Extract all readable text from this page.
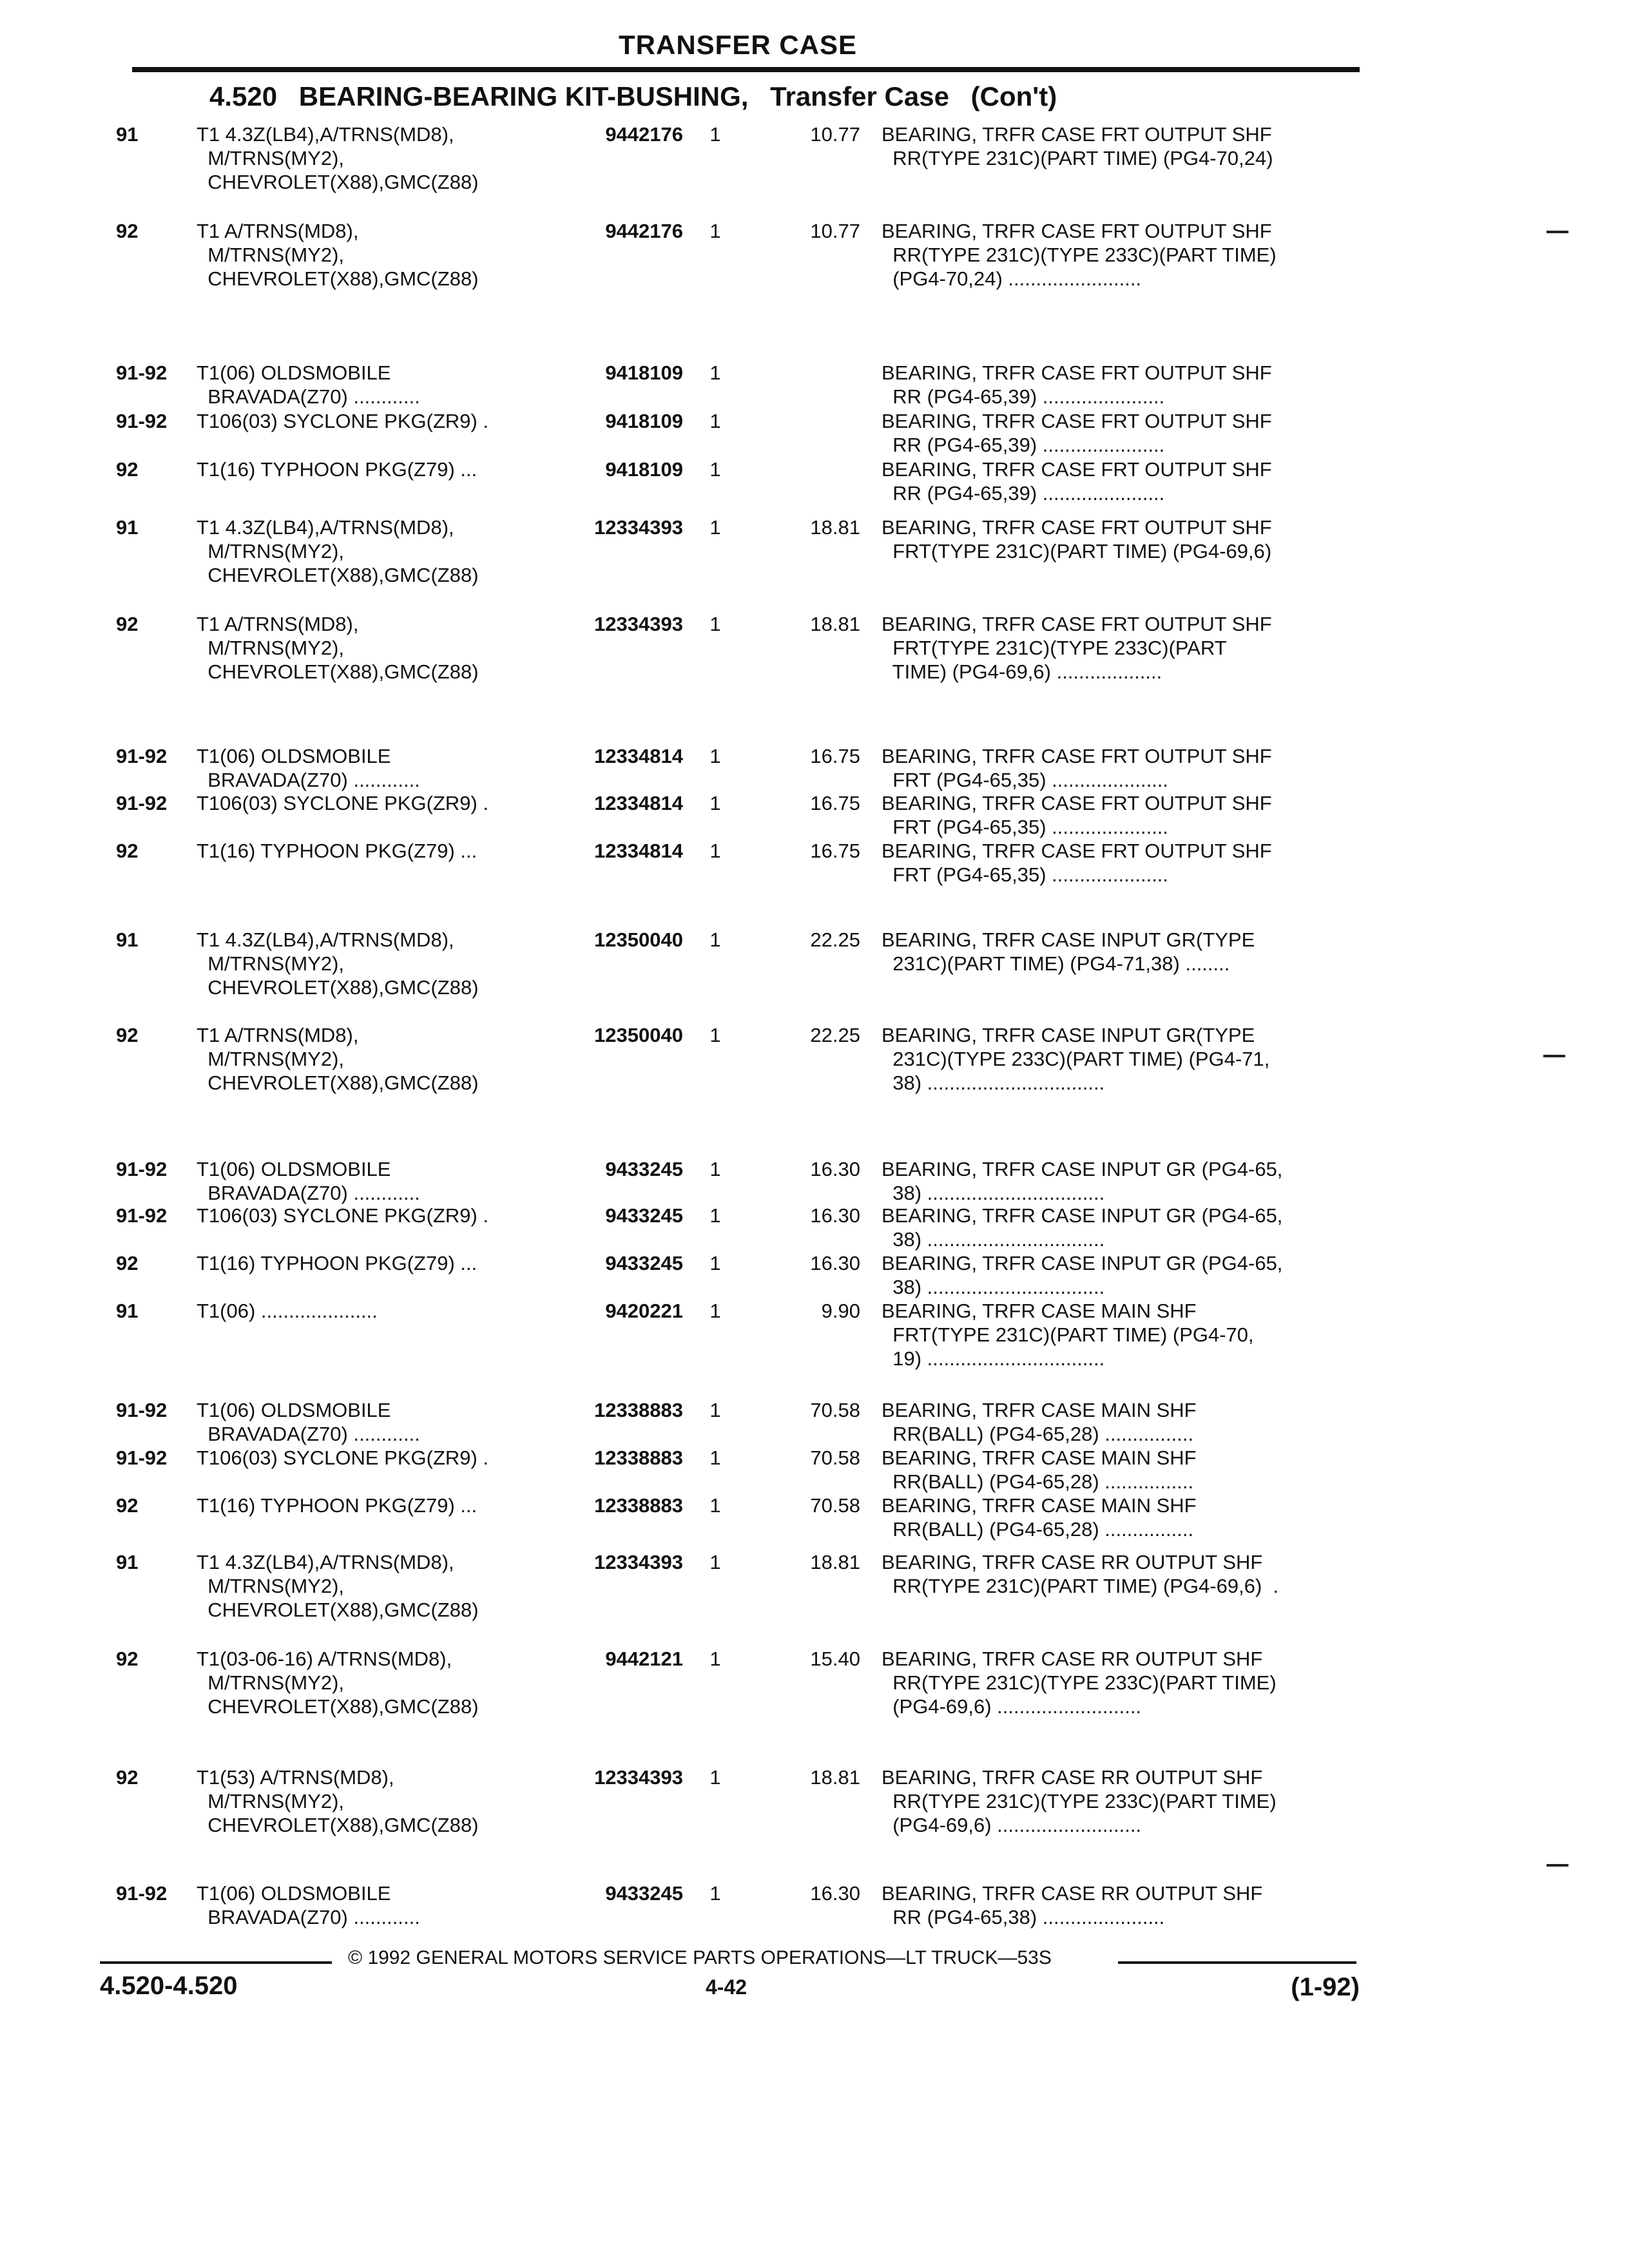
TRANSFER CASE
4.520 BEARING-BEARING KIT-BUSHING, Transfer Case (Con't)
91	T1 4.3Z(LB4),A/TRNS(MD8),
M/TRNS(MY2),
CHEVROLET(X88),GMC(Z88)
9442176	1	10.77 BEARING, TRFR CASE FRT OUTPUT SHF
RR(TYPE 231C)(PART TIME) (PG4-70,24)
92	T1 A/TRNS(MD8),
M/TRNS(MY2),
CHEVROLET(X88),GMC(Z88)
9442176	1	10.77 BEARING, TRFR CASE FRT OUTPUT SHF
RR(TYPE 231C)(TYPE 233C)(PART TIME)
(PG4-70,24) ........................
91-92	T1(06) OLDSMOBILE
BRAVADA(Z70) ............
9418109	1	BEARING, TRFR CASE FRT OUTPUT SHF
RR (PG4-65,39) ......................
91-92	T106(03) SYCLONE PKG(ZR9) .	9418109	1	BEARING, TRFR CASE FRT OUTPUT SHF
RR (PG4-65,39) ......................
92	T1(16) TYPHOON PKG(Z79) ...	9418109	1	BEARING, TRFR CASE FRT OUTPUT SHF
RR (PG4-65,39) ......................
91	T1 4.3Z(LB4),A/TRNS(MD8),
M/TRNS(MY2),
CHEVROLET(X88),GMC(Z88)
12334393	1	18.81 BEARING, TRFR CASE FRT OUTPUT SHF
FRT(TYPE 231C)(PART TIME) (PG4-69,6)
92	T1 A/TRNS(MD8),
M/TRNS(MY2),
CHEVROLET(X88),GMC(Z88)
12334393	1	18.81 BEARING, TRFR CASE FRT OUTPUT SHF
FRT(TYPE 231C)(TYPE 233C)(PART
TIME) (PG4-69,6) ...................
91-92	T1(06) OLDSMOBILE
BRAVADA(Z70) ............
12334814	1	16.75 BEARING, TRFR CASE FRT OUTPUT SHF
FRT (PG4-65,35) .....................
91-92	T106(03) SYCLONE PKG(ZR9) .	12334814	1	16.75 BEARING, TRFR CASE FRT OUTPUT SHF
FRT (PG4-65,35) .....................
92	T1(16) TYPHOON PKG(Z79) ...	12334814	1	16.75 BEARING, TRFR CASE FRT OUTPUT SHF
FRT (PG4-65,35) .....................
91	T1 4.3Z(LB4),A/TRNS(MD8),
M/TRNS(MY2),
CHEVROLET(X88),GMC(Z88)
12350040	1	22.25 BEARING, TRFR CASE INPUT GR(TYPE
231C)(PART TIME) (PG4-71,38) ........
92	T1 A/TRNS(MD8),
M/TRNS(MY2),
CHEVROLET(X88),GMC(Z88)
12350040	1	22.25 BEARING, TRFR CASE INPUT GR(TYPE
231C)(TYPE 233C)(PART TIME) (PG4-71,
38) ................................
91-92	T1(06) OLDSMOBILE
BRAVADA(Z70) ............
9433245	1	16.30 BEARING, TRFR CASE INPUT GR (PG4-65,
38) ................................
91-92	T106(03) SYCLONE PKG(ZR9) .	9433245	1	16.30 BEARING, TRFR CASE INPUT GR (PG4-65,
38) ................................
92	T1(16) TYPHOON PKG(Z79) ...	9433245	1	16.30 BEARING, TRFR CASE INPUT GR (PG4-65,
38) ................................
91	T1(06) .....................	9420221	1	9.90 BEARING, TRFR CASE MAIN SHF
FRT(TYPE 231C)(PART TIME) (PG4-70,
19) ................................
91-92	T1(06) OLDSMOBILE
BRAVADA(Z70) ............
12338883	1	70.58 BEARING, TRFR CASE MAIN SHF
RR(BALL) (PG4-65,28) ................
91-92	T106(03) SYCLONE PKG(ZR9) .	12338883	1	70.58 BEARING, TRFR CASE MAIN SHF
RR(BALL) (PG4-65,28) ................
92	T1(16) TYPHOON PKG(Z79) ...	12338883	1	70.58 BEARING, TRFR CASE MAIN SHF
RR(BALL) (PG4-65,28) ................
91	T1 4.3Z(LB4),A/TRNS(MD8),
M/TRNS(MY2),
CHEVROLET(X88),GMC(Z88)
12334393	1	18.81 BEARING, TRFR CASE RR OUTPUT SHF
RR(TYPE 231C)(PART TIME) (PG4-69,6)  .
92	T1(03-06-16) A/TRNS(MD8),
M/TRNS(MY2),
CHEVROLET(X88),GMC(Z88)
9442121	1	15.40 BEARING, TRFR CASE RR OUTPUT SHF
RR(TYPE 231C)(TYPE 233C)(PART TIME)
(PG4-69,6) ..........................
92	T1(53) A/TRNS(MD8),
M/TRNS(MY2),
CHEVROLET(X88),GMC(Z88)
12334393	1	18.81 BEARING, TRFR CASE RR OUTPUT SHF
RR(TYPE 231C)(TYPE 233C)(PART TIME)
(PG4-69,6) ..........................
91-92	T1(06) OLDSMOBILE
BRAVADA(Z70) ............
9433245	1	16.30 BEARING, TRFR CASE RR OUTPUT SHF
RR (PG4-65,38) ......................
© 1992 GENERAL MOTORS SERVICE PARTS OPERATIONS—LT TRUCK—53S
4.520-4.520	4-42	(1-92)
